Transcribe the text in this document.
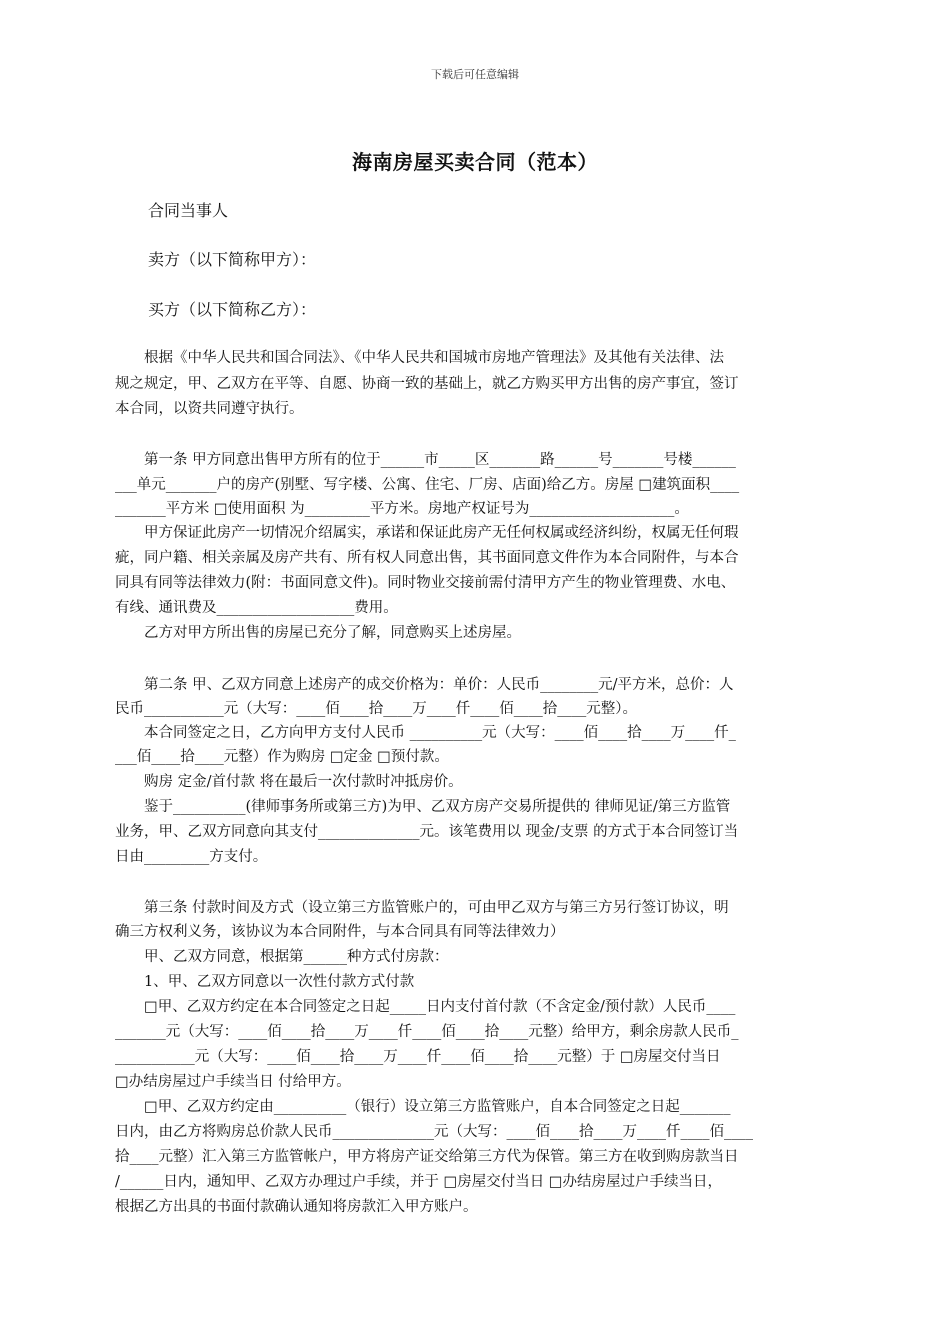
下载后可任意编辑
海南房屋买卖合同（范本）
合同当事人
卖方（以下简称甲方）：
买方（以下简称乙方）：
　　根据《中华人民共和国合同法》、《中华人民共和国城市房地产管理法》及其他有关法律、法
规之规定，甲、乙双方在平等、自愿、协商一致的基础上，就乙方购买甲方出售的房产事宜，签订
本合同，以资共同遵守执行。
　　第一条 甲方同意出售甲方所有的位于______市_____区_______路______号_______号楼______
___单元_______户的房产(别墅、写字楼、公寓、住宅、厂房、店面)给乙方。房屋 □建筑面积____
_______平方米 □使用面积 为_________平方米。房地产权证号为____________________。
　　甲方保证此房产一切情况介绍属实，承诺和保证此房产无任何权属或经济纠纷，权属无任何瑕
疵，同户籍、相关亲属及房产共有、所有权人同意出售，其书面同意文件作为本合同附件，与本合
同具有同等法律效力(附：书面同意文件)。同时物业交接前需付清甲方产生的物业管理费、水电、
有线、通讯费及___________________费用。
　　乙方对甲方所出售的房屋已充分了解，同意购买上述房屋。
　　第二条 甲、乙双方同意上述房产的成交价格为：单价：人民币________元/平方米，总价：人
民币___________元（大写：____佰____拾____万____仟____佰____拾____元整）。
　　本合同签定之日，乙方向甲方支付人民币 __________元（大写：____佰____拾____万____仟_
___佰____拾____元整）作为购房 □定金 □预付款。
　　购房 定金/首付款 将在最后一次付款时冲抵房价。
　　鉴于__________(律师事务所或第三方)为甲、乙双方房产交易所提供的 律师见证/第三方监管
业务，甲、乙双方同意向其支付______________元。该笔费用以 现金/支票 的方式于本合同签订当
日由_________方支付。
　　第三条 付款时间及方式（设立第三方监管账户的，可由甲乙双方与第三方另行签订协议，明
确三方权利义务，该协议为本合同附件，与本合同具有同等法律效力）
　　甲、乙双方同意，根据第______种方式付房款：
　　1、甲、乙双方同意以一次性付款方式付款
　　□甲、乙双方约定在本合同签定之日起_____日内支付首付款（不含定金/预付款）人民币____
_______元（大写：____佰____拾____万____仟____佰____拾____元整）给甲方，剩余房款人民币_
___________元（大写：____佰____拾____万____仟____佰____拾____元整）于 □房屋交付当日
□办结房屋过户手续当日 付给甲方。
　　□甲、乙双方约定由__________（银行）设立第三方监管账户，自本合同签定之日起_______
日内，由乙方将购房总价款人民币______________元（大写：____佰____拾____万____仟____佰____
拾____元整）汇入第三方监管帐户，甲方将房产证交给第三方代为保管。第三方在收到购房款当日
/______日内，通知甲、乙双方办理过户手续，并于 □房屋交付当日 □办结房屋过户手续当日，
根据乙方出具的书面付款确认通知将房款汇入甲方账户。
